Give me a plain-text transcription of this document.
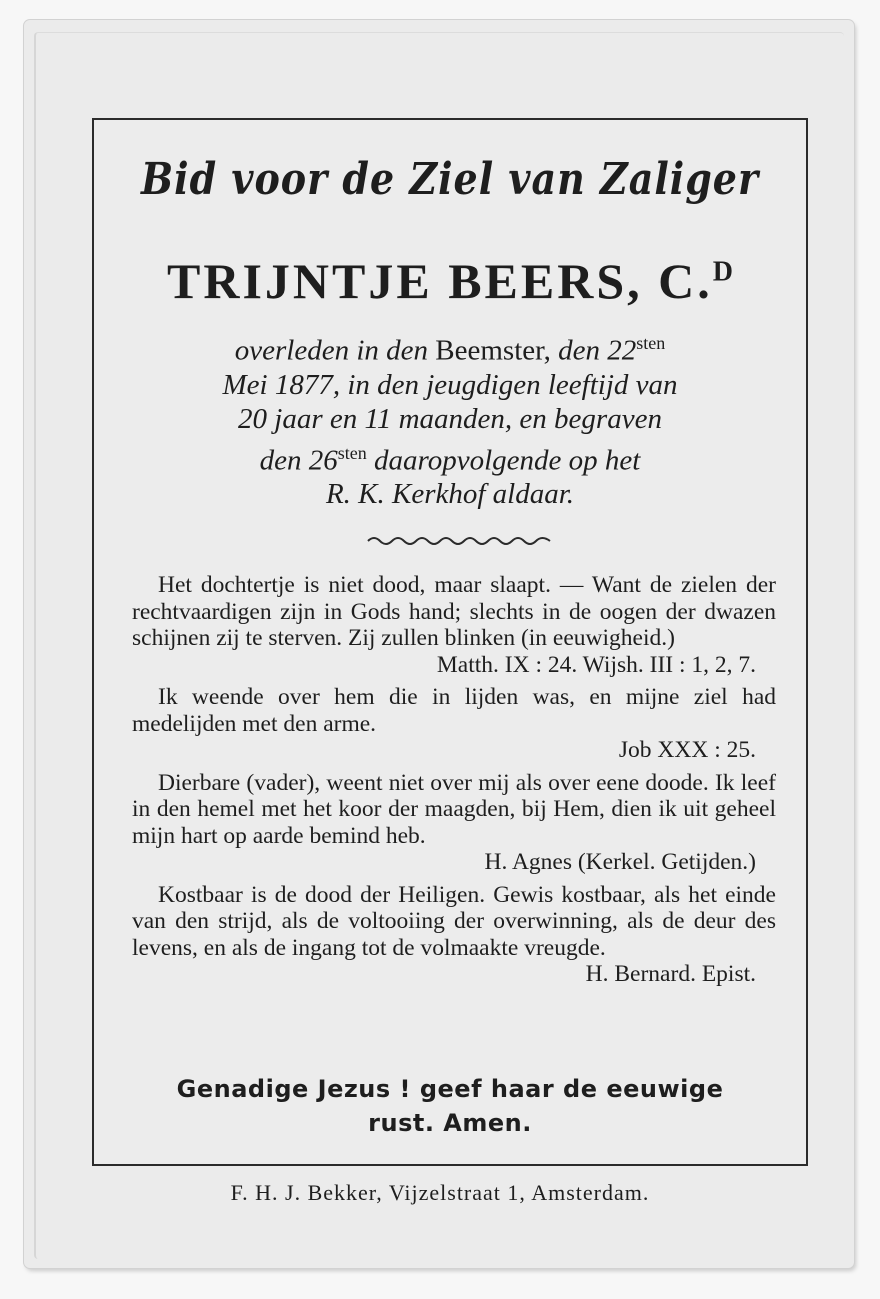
Bid voor de Ziel van Zaliger
TRIJNTJE BEERS, C.$^D$
overleden in den Beemster, den $22^{sten}$
Mei 1877, in den jeugdigen leeftijd van
20 jaar en 11 maanden, en begraven
den $26^{sten}$ daaropvolgende op het
R. K. Kerkhof aldaar.

Het dochtertje is niet dood, maar slaapt. — Want de zielen der rechtvaardigen zijn in Gods hand; slechts in de oogen der dwazen schijnen zij te sterven. Zij zullen blinken (in eeuwigheid.)

Matth. IX : 24. Wijsh. III : 1, 2, 7.

Ik weende over hem die in lijden was, en mijne ziel had medelijden met den arme.

Job XXX : 25.

Dierbare (vader), weent niet over mij als over eene doode. Ik leef in den hemel met het koor der maagden, bij Hem, dien ik uit geheel mijn hart op aarde bemind heb.

H. Agnes (Kerkel. Getijden.)

Kostbaar is de dood der Heiligen. Gewis kostbaar, als het einde van den strijd, als de voltooiing der overwinning, als de deur des levens, en als de ingang tot de volmaakte vreugde.

H. Bernard. Epist.

Genadige Jezus ! geef haar de eeuwige
rust. Amen.
F. H. J. Bekker, Vijzelstraat 1, Amsterdam.
